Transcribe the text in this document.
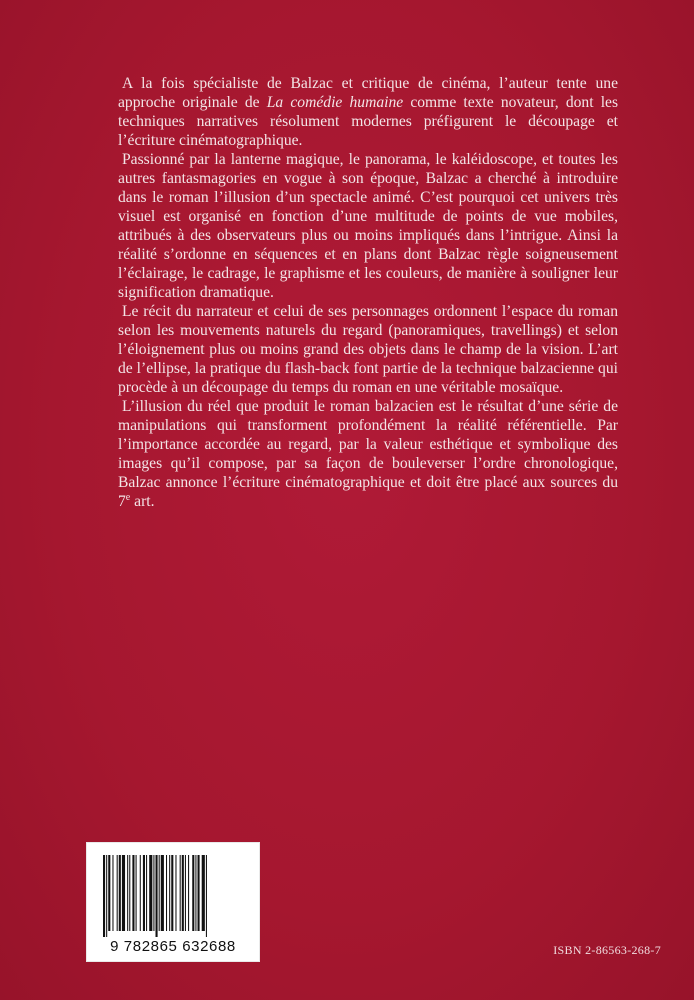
A la fois spécialiste de Balzac et critique de cinéma, l’auteur tente une approche originale de La comédie humaine comme texte novateur, dont les techniques narratives résolument modernes préfigurent le découpage et l’écriture cinématographique.

Passionné par la lanterne magique, le panorama, le kaléidoscope, et toutes les autres fantasmagories en vogue à son époque, Balzac a cherché à introduire dans le roman l’illusion d’un spectacle animé. C’est pourquoi cet univers très visuel est organisé en fonction d’une multitude de points de vue mobiles, attribués à des observateurs plus ou moins impliqués dans l’intrigue. Ainsi la réalité s’ordonne en séquences et en plans dont Balzac règle soigneusement l’éclairage, le cadrage, le graphisme et les couleurs, de manière à souligner leur signification dramatique.

Le récit du narrateur et celui de ses personnages ordonnent l’espace du roman selon les mouvements naturels du regard (panoramiques, travellings) et selon l’éloignement plus ou moins grand des objets dans le champ de la vision. L’art de l’ellipse, la pratique du flash-back font partie de la technique balzacienne qui procède à un découpage du temps du roman en une véritable mosaïque.

L’illusion du réel que produit le roman balzacien est le résultat d’une série de manipulations qui transforment profondément la réalité référentielle. Par l’importance accordée au regard, par la valeur esthétique et symbolique des images qu’il compose, par sa façon de bouleverser l’ordre chronologique, Balzac annonce l’écriture cinématographique et doit être placé aux sources du 7e art.

9 782865 632688	ISBN 2-86563-268-7
